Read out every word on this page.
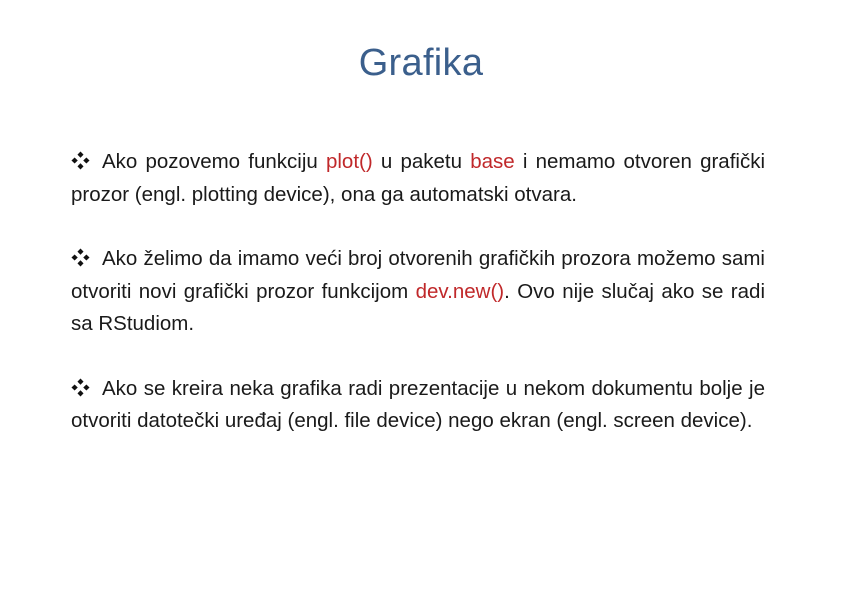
Grafika
Ako pozovemo funkciju plot() u paketu base i nemamo otvoren grafički prozor (engl. plotting device), ona ga automatski otvara.
Ako želimo da imamo veći broj otvorenih grafičkih prozora možemo sami otvoriti novi grafički prozor funkcijom dev.new(). Ovo nije slučaj ako se radi sa RStudiom.
Ako se kreira neka grafika radi prezentacije u nekom dokumentu bolje je otvoriti datotečki uređaj (engl. file device) nego ekran (engl. screen device).
